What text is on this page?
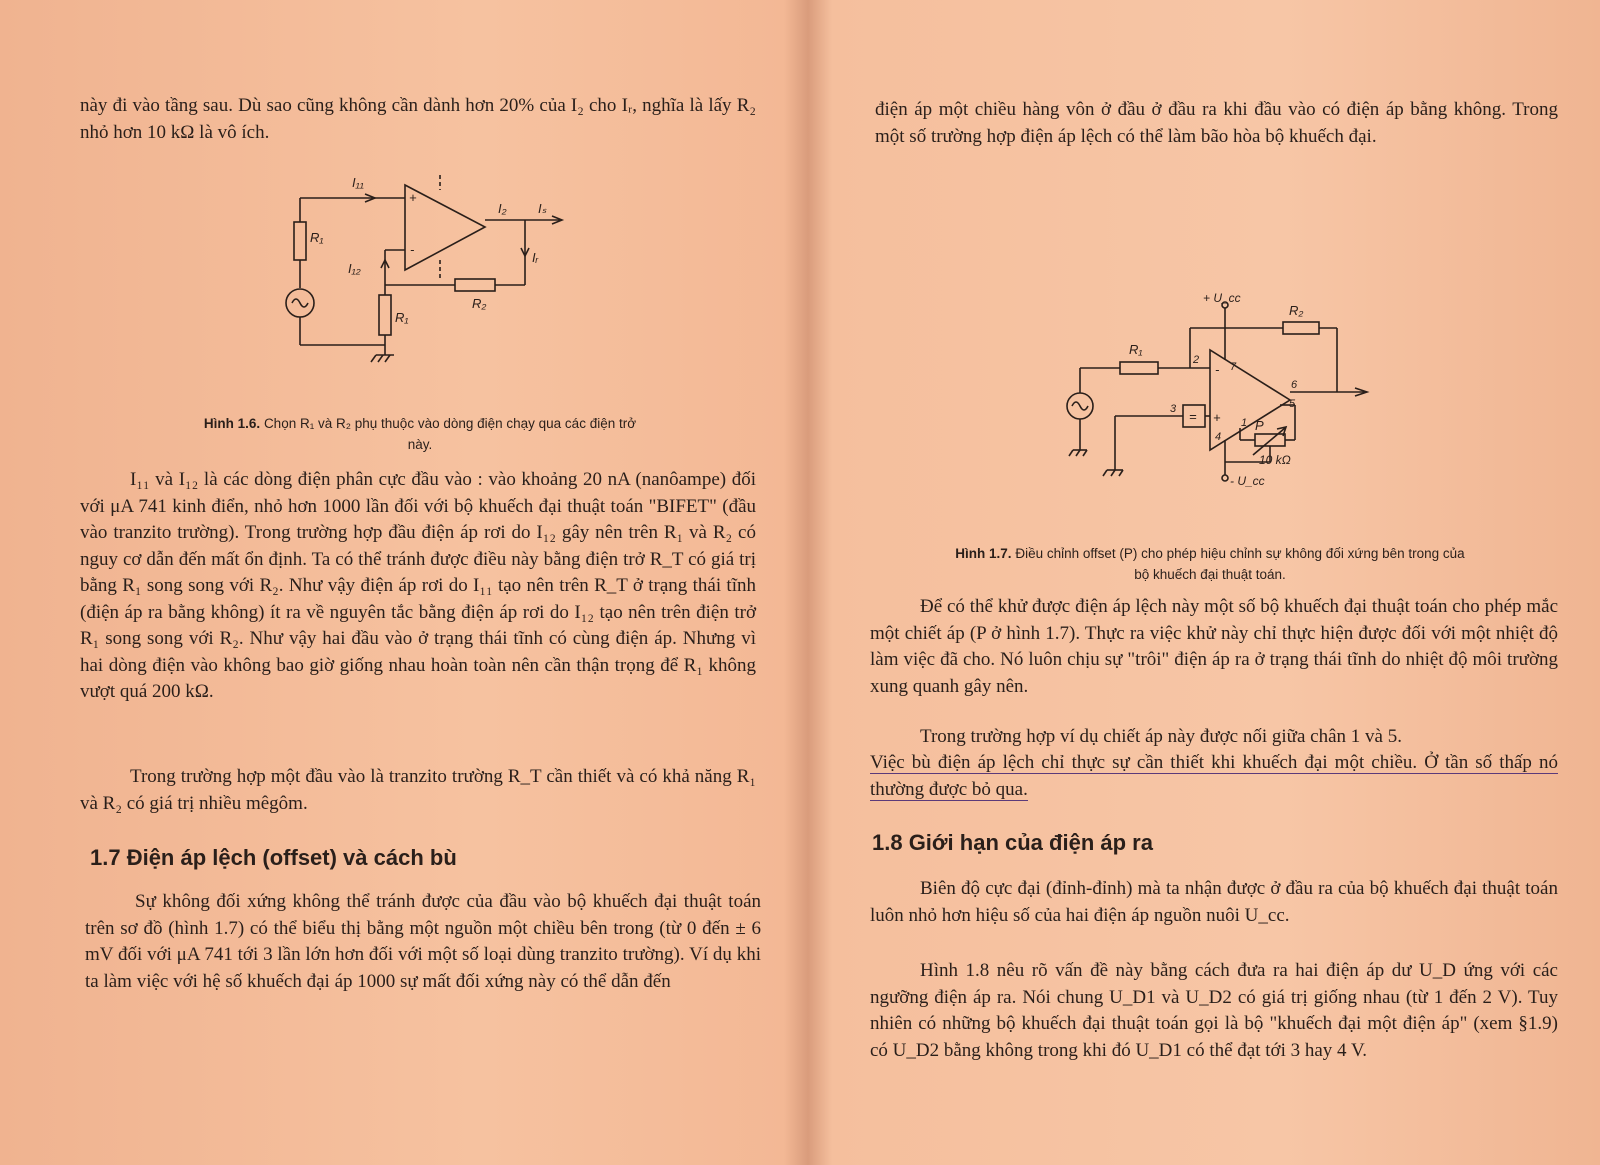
này đi vào tầng sau. Dù sao cũng không cần dành hơn 20% của I₂ cho Iᵣ, nghĩa là lấy R₂ nhỏ hơn 10 kΩ là vô ích.

I₁₁
I₁₂
I₂ Iₛ
Iᵣ
R₁
R₁
R₂
+
-

Hình 1.6. Chọn R₁ và R₂ phụ thuộc vào dòng điện chạy qua các điện trở này.

I₁₁ và I₁₂ là các dòng điện phân cực đầu vào : vào khoảng 20 nA (nanôampe) đối với μA 741 kinh điển, nhỏ hơn 1000 lần đối với bộ khuếch đại thuật toán "BIFET" (đầu vào tranzito trường). Trong trường hợp đầu điện áp rơi do I₁₂ gây nên trên R₁ và R₂ có nguy cơ dẫn đến mất ổn định. Ta có thể tránh được điều này bằng điện trở R_T có giá trị bằng R₁ song song với R₂. Như vậy điện áp rơi do I₁₁ tạo nên trên R_T ở trạng thái tĩnh (điện áp ra bằng không) ít ra về nguyên tắc bằng điện áp rơi do I₁₂ tạo nên trên điện trở R₁ song song với R₂. Như vậy hai đầu vào ở trạng thái tĩnh có cùng điện áp. Nhưng vì hai dòng điện vào không bao giờ giống nhau hoàn toàn nên cần thận trọng để R₁ không vượt quá 200 kΩ.

Trong trường hợp một đầu vào là tranzito trường R_T cần thiết và có khả năng R₁ và R₂ có giá trị nhiều mêgôm.

1.7 Điện áp lệch (offset) và cách bù

Sự không đối xứng không thể tránh được của đầu vào bộ khuếch đại thuật toán trên sơ đồ (hình 1.7) có thể biểu thị bằng một nguồn một chiều bên trong (từ 0 đến ± 6 mV đối với μA 741 tới 3 lần lớn hơn đối với một số loại dùng tranzito trường). Ví dụ khi ta làm việc với hệ số khuếch đại áp 1000 sự mất đối xứng này có thể dẫn đến

điện áp một chiều hàng vôn ở đầu ở đầu ra khi đầu vào có điện áp bằng không. Trong một số trường hợp điện áp lệch có thể làm bão hòa bộ khuếch đại.

+ U_cc
- U_cc
R₁
R₂
P
10 kΩ
2
3
4
5
6
7
1
+
-
=

Hình 1.7. Điều chỉnh offset (P) cho phép hiệu chỉnh sự không đối xứng bên trong của bộ khuếch đại thuật toán.

Để có thể khử được điện áp lệch này một số bộ khuếch đại thuật toán cho phép mắc một chiết áp (P ở hình 1.7). Thực ra việc khử này chỉ thực hiện được đối với một nhiệt độ làm việc đã cho. Nó luôn chịu sự "trôi" điện áp ra ở trạng thái tĩnh do nhiệt độ môi trường xung quanh gây nên.

Trong trường hợp ví dụ chiết áp này được nối giữa chân 1 và 5.

Việc bù điện áp lệch chỉ thực sự cần thiết khi khuếch đại một chiều. Ở tần số thấp nó thường được bỏ qua.

1.8 Giới hạn của điện áp ra

Biên độ cực đại (đỉnh-đỉnh) mà ta nhận được ở đầu ra của bộ khuếch đại thuật toán luôn nhỏ hơn hiệu số của hai điện áp nguồn nuôi U_cc.

Hình 1.8 nêu rõ vấn đề này bằng cách đưa ra hai điện áp dư U_D ứng với các ngưỡng điện áp ra. Nói chung U_D1 và U_D2 có giá trị giống nhau (từ 1 đến 2 V). Tuy nhiên có những bộ khuếch đại thuật toán gọi là bộ "khuếch đại một điện áp" (xem §1.9) có U_D2 bằng không trong khi đó U_D1 có thể đạt tới 3 hay 4 V.
